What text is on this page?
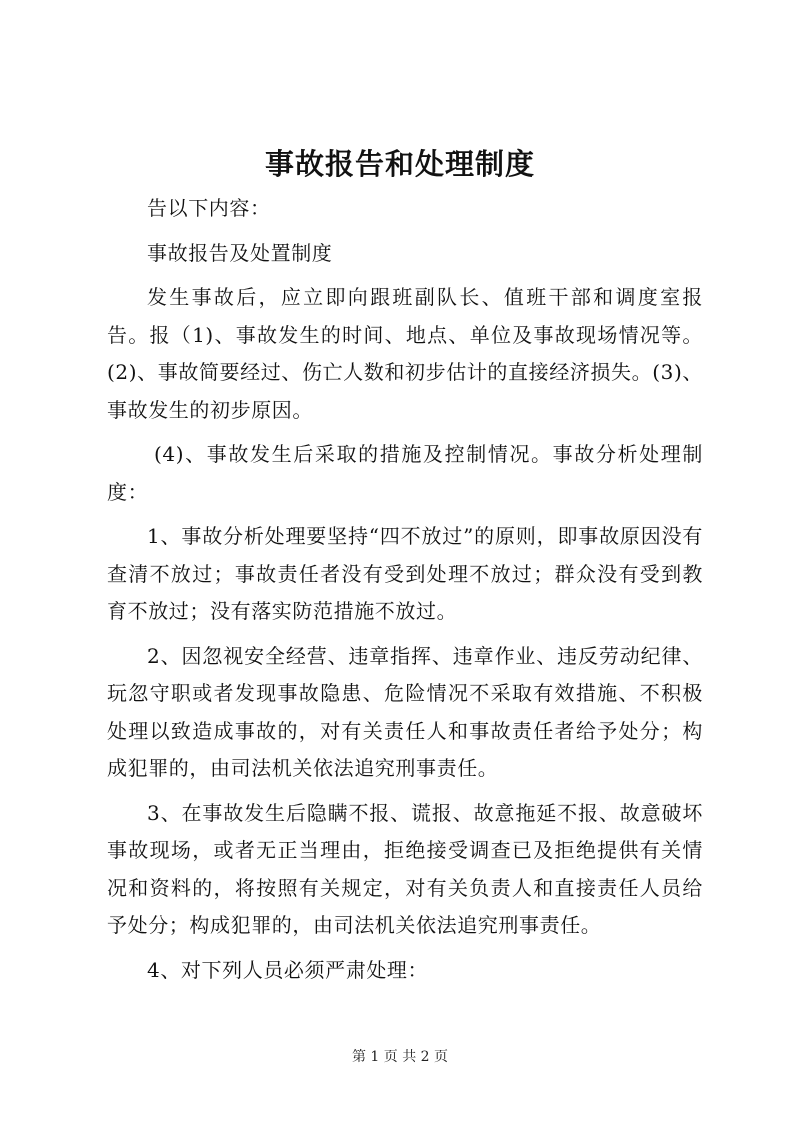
事故报告和处理制度

告以下内容：

事故报告及处置制度

发生事故后，应立即向跟班副队长、值班干部和调度室报告。报（1)、事故发生的时间、地点、单位及事故现场情况等。(2)、事故简要经过、伤亡人数和初步估计的直接经济损失。(3)、事故发生的初步原因。

(4)、事故发生后采取的措施及控制情况。事故分析处理制度：

1、事故分析处理要坚持“四不放过”的原则，即事故原因没有查清不放过；事故责任者没有受到处理不放过；群众没有受到教育不放过；没有落实防范措施不放过。

2、因忽视安全经营、违章指挥、违章作业、违反劳动纪律、玩忽守职或者发现事故隐患、危险情况不采取有效措施、不积极处理以致造成事故的，对有关责任人和事故责任者给予处分；构成犯罪的，由司法机关依法追究刑事责任。

3、在事故发生后隐瞒不报、谎报、故意拖延不报、故意破坏事故现场，或者无正当理由，拒绝接受调查已及拒绝提供有关情况和资料的，将按照有关规定，对有关负责人和直接责任人员给予处分；构成犯罪的，由司法机关依法追究刑事责任。

4、对下列人员必须严肃处理：

第 1 页 共 2 页
